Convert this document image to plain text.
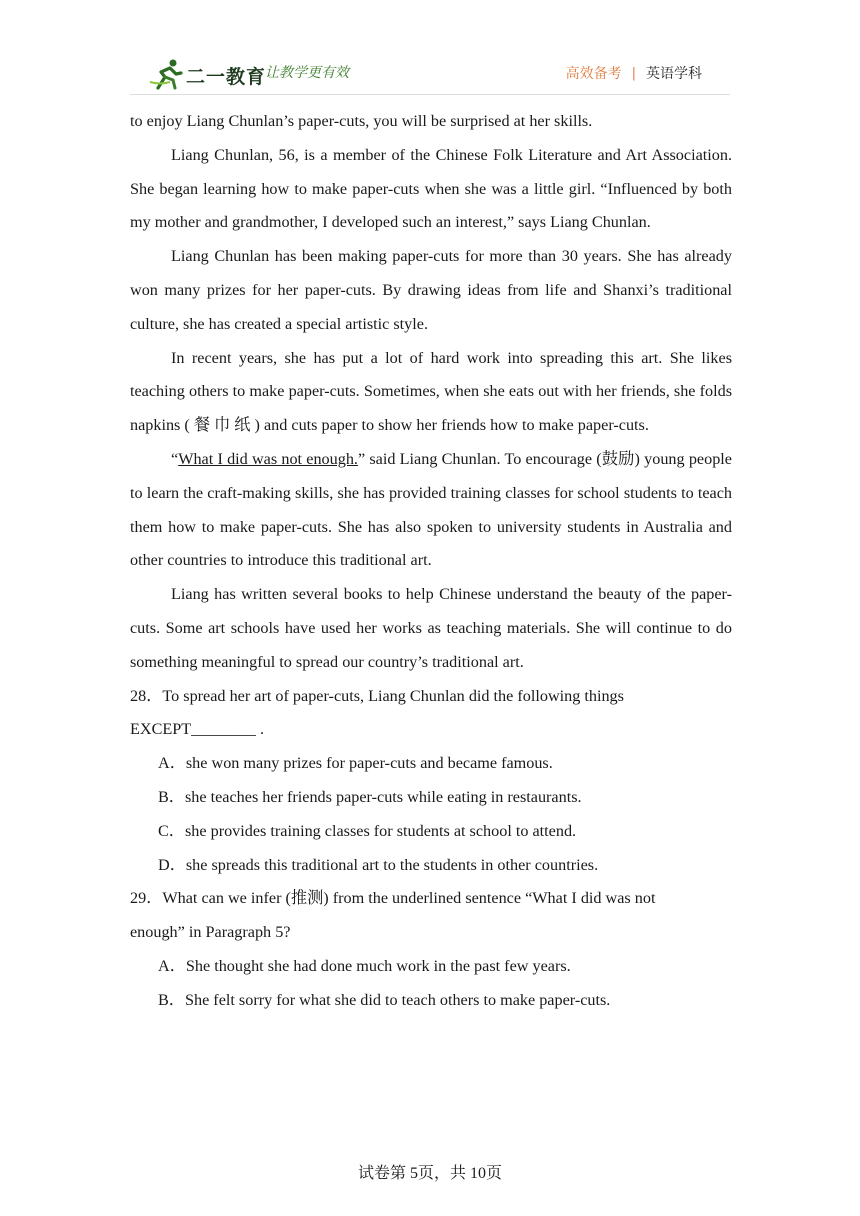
二一教育
让教学更有效	高效备考 | 英语学科

to enjoy Liang Chunlan’s paper-cuts, you will be surprised at her skills.

Liang Chunlan, 56, is a member of the Chinese Folk Literature and Art Association. She began learning how to make paper-cuts when she was a little girl. “Influenced by both my mother and grandmother, I developed such an interest,” says Liang Chunlan.

Liang Chunlan has been making paper-cuts for more than 30 years. She has already won many prizes for her paper-cuts. By drawing ideas from life and Shanxi’s traditional culture, she has created a special artistic style.

In recent years, she has put a lot of hard work into spreading this art. She likes teaching others to make paper-cuts. Sometimes, when she eats out with her friends, she folds napkins ( 餐 巾 纸 ) and cuts paper to show her friends how to make paper-cuts.

“What I did was not enough.” said Liang Chunlan. To encourage (鼓励) young people to learn the craft-making skills, she has provided training classes for school students to teach them how to make paper-cuts. She has also spoken to university students in Australia and other countries to introduce this traditional art.

Liang has written several books to help Chinese understand the beauty of the paper-cuts. Some art schools have used her works as teaching materials. She will continue to do something meaningful to spread our country’s traditional art.

28．To spread her art of paper-cuts, Liang Chunlan did the following things

EXCEPT________ .

A．she won many prizes for paper-cuts and became famous.

B．she teaches her friends paper-cuts while eating in restaurants.

C．she provides training classes for students at school to attend.

D．she spreads this traditional art to the students in other countries.

29．What can we infer (推测) from the underlined sentence “What I did was not

enough” in Paragraph 5?

A．She thought she had done much work in the past few years.

B．She felt sorry for what she did to teach others to make paper-cuts.

试卷第 5页，共 10页
